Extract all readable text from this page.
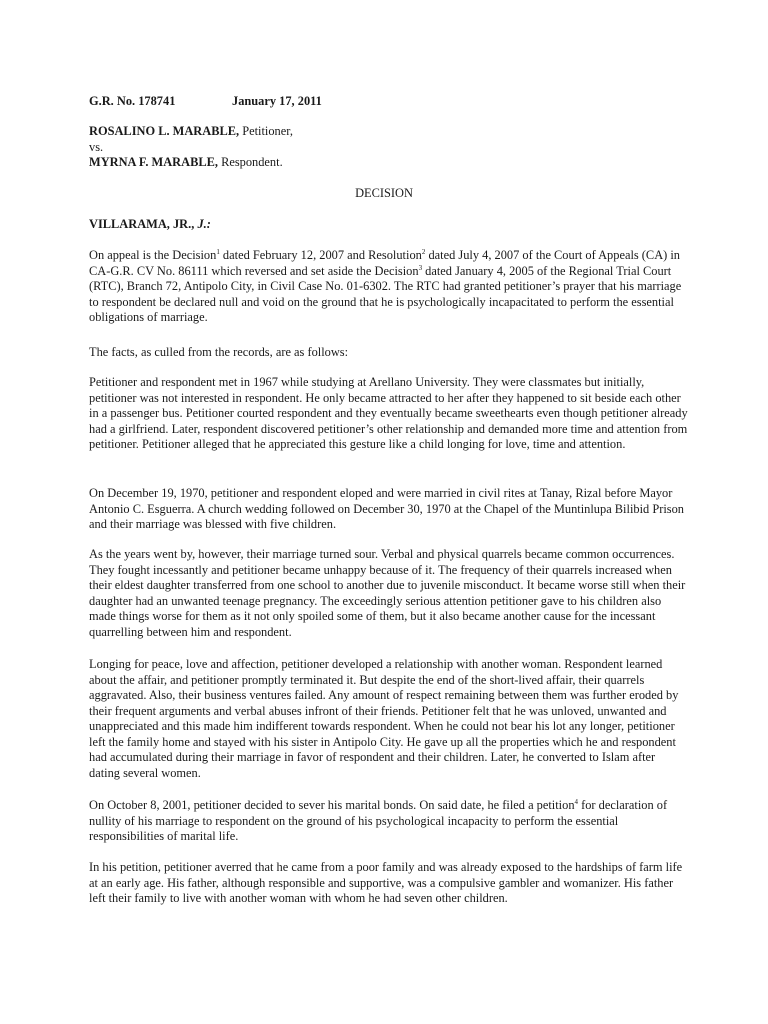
G.R. No. 178741	January 17, 2011
ROSALINO L. MARABLE, Petitioner,
vs.
MYRNA F. MARABLE, Respondent.
DECISION
VILLARAMA, JR., J.:

On appeal is the Decision$^1$ dated February 12, 2007 and Resolution$^2$ dated July 4, 2007 of the Court of Appeals (CA) in CA-G.R. CV No. 86111 which reversed and set aside the Decision$^3$ dated January 4, 2005 of the Regional Trial Court (RTC), Branch 72, Antipolo City, in Civil Case No. 01-6302. The RTC had granted petitioner’s prayer that his marriage to respondent be declared null and void on the ground that he is psychologically incapacitated to perform the essential obligations of marriage.

The facts, as culled from the records, are as follows:

Petitioner and respondent met in 1967 while studying at Arellano University. They were classmates but initially, petitioner was not interested in respondent. He only became attracted to her after they happened to sit beside each other in a passenger bus. Petitioner courted respondent and they eventually became sweethearts even though petitioner already had a girlfriend. Later, respondent discovered petitioner’s other relationship and demanded more time and attention from petitioner. Petitioner alleged that he appreciated this gesture like a child longing for love, time and attention.

On December 19, 1970, petitioner and respondent eloped and were married in civil rites at Tanay, Rizal before Mayor Antonio C. Esguerra. A church wedding followed on December 30, 1970 at the Chapel of the Muntinlupa Bilibid Prison and their marriage was blessed with five children.

As the years went by, however, their marriage turned sour. Verbal and physical quarrels became common occurrences. They fought incessantly and petitioner became unhappy because of it. The frequency of their quarrels increased when their eldest daughter transferred from one school to another due to juvenile misconduct. It became worse still when their daughter had an unwanted teenage pregnancy. The exceedingly serious attention petitioner gave to his children also made things worse for them as it not only spoiled some of them, but it also became another cause for the incessant quarrelling between him and respondent.

Longing for peace, love and affection, petitioner developed a relationship with another woman. Respondent learned about the affair, and petitioner promptly terminated it. But despite the end of the short-lived affair, their quarrels aggravated. Also, their business ventures failed. Any amount of respect remaining between them was further eroded by their frequent arguments and verbal abuses infront of their friends. Petitioner felt that he was unloved, unwanted and unappreciated and this made him indifferent towards respondent. When he could not bear his lot any longer, petitioner left the family home and stayed with his sister in Antipolo City. He gave up all the properties which he and respondent had accumulated during their marriage in favor of respondent and their children. Later, he converted to Islam after dating several women.

On October 8, 2001, petitioner decided to sever his marital bonds. On said date, he filed a petition$^4$ for declaration of nullity of his marriage to respondent on the ground of his psychological incapacity to perform the essential responsibilities of marital life.

In his petition, petitioner averred that he came from a poor family and was already exposed to the hardships of farm life at an early age. His father, although responsible and supportive, was a compulsive gambler and womanizer. His father left their family to live with another woman with whom he had seven other children.
